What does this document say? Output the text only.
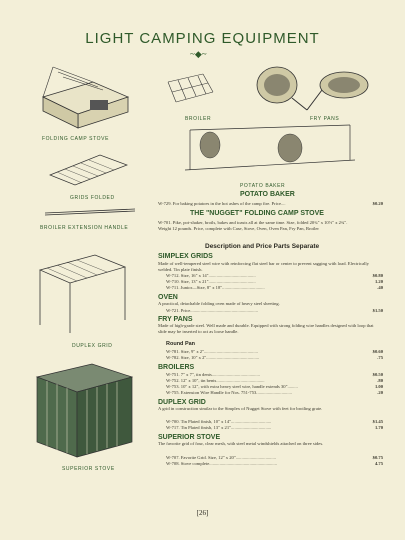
LIGHT CAMPING EQUIPMENT
~◆~
FOLDING CAMP STOVE
BROILER	FRY PANS
GRIDS FOLDED
BROILER EXTENSION HANDLE
POTATO BAKER
DUPLEX GRID
SUPERIOR STOVE
POTATO BAKER
W-729. For baking potatoes in the hot ashes of the camp fire. Price....	$0.20
THE "NUGGET" FOLDING CAMP STOVE
W-701. Pike, pot-shaker, broils, bakes and toasts all at the same time. Size, folded 20¾" x 10½" x 2¾". Weight 12 pounds. Price, complete with Case, Stove, Oven, Oven Pan, Fry Pan, Broiler
Description and Price Parts Separate
SIMPLEX GRIDS
Made of well-tempered steel wire with reinforcing flat steel bar or center to prevent sagging with load. Electrically welded. Tin plate finish.
W-712. Size, 16" x 14".........................................	$0.80
W-710. Size, 13" x 21".........................................	1.20
W-711. Junior—Size, 8" x 18".....................................	.40
OVEN
A practical, detachable folding oven made of heavy steel sheeting.
W-721. Price...........................................................	$1.50
FRY PANS
Made of high-grade steel. Well made and durable. Equipped with strong folding wire handles designed with loop that slide may be inserted to act as loose handle.
Round Pan
W-781. Size, 9" x 2"...............................................	$0.60
W-782. Size, 10" x 2"..............................................	.75
BROILERS
W-751. 7" x 7", tin dents..........................................	$0.50
W-752. 12" x 10", tin bents..........................................	.80
W-753. 10" x 12", with extra heavy steel wire, handle extends 30".........	1.00
W-755. Extension Wire Handle for Nos. 751-753...............................	.20
DUPLEX GRID
A grid in construction similar to the Simplex of Nugget Stove with feet for broiling grate.
W-700. Tin Plated finish, 10" x 14"...................................	$1.45
W-717. Tin Plated finish, 13" x 21"...................................	1.70
SUPERIOR STOVE
The favorite grid of four, clear mesh, with steel metal windshields attached on three sides.
W-707. Favorite Grid. Size, 12" x 20"...................................	$0.75
W-708. Stove complete...........................................................	4.75
[26]
